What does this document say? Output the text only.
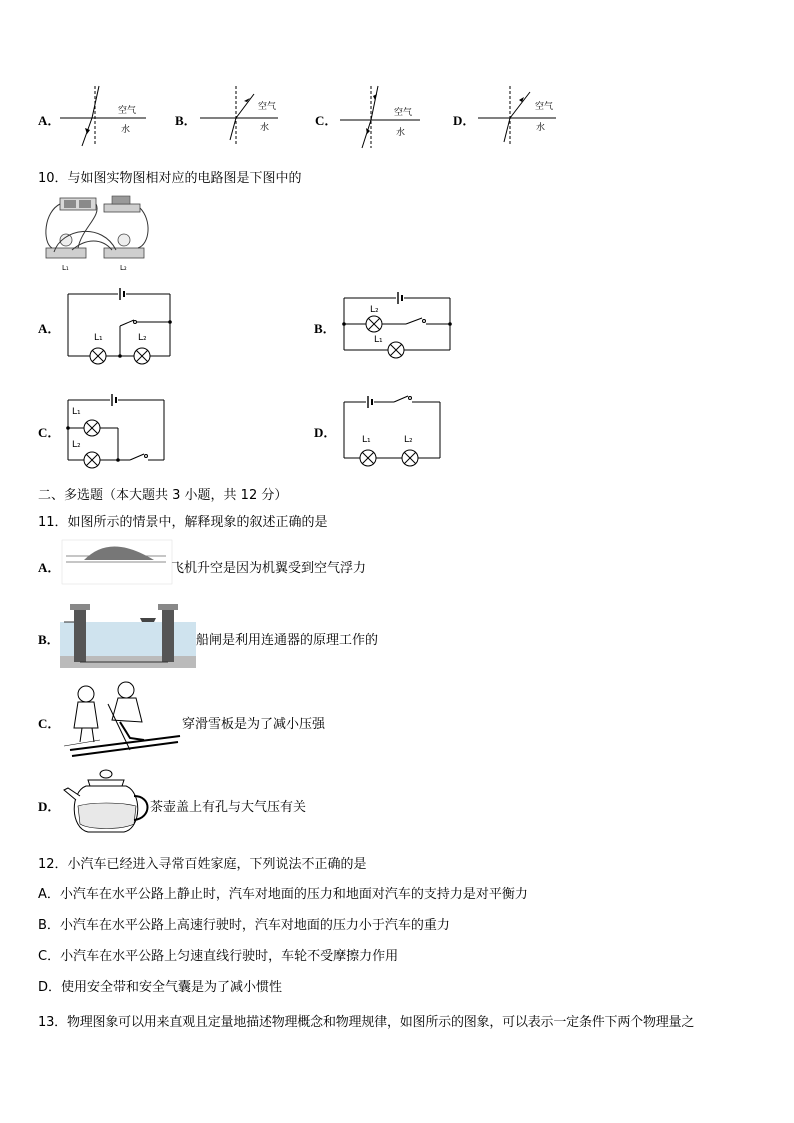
A．
空气
水
B．
空气
水	C．	空气
水
D．
空气
水
10．与如图实物图相对应的电路图是下图中的
L₁	L₂
A．
L₁	L₂
B．
L₂
L₁
C．
L₁
L₂
D．	L₁	L₂
二、多选题（本大题共 3 小题，共 12 分）
11．如图所示的情景中，解释现象的叙述正确的是
A．	飞机升空是因为机翼受到空气浮力
B．	船闸是利用连通器的原理工作的
C．	穿滑雪板是为了减小压强
D．	茶壶盖上有孔与大气压有关
12．小汽车已经进入寻常百姓家庭，下列说法不正确的是
A．小汽车在水平公路上静止时，汽车对地面的压力和地面对汽车的支持力是对平衡力
B．小汽车在水平公路上高速行驶时，汽车对地面的压力小于汽车的重力
C．小汽车在水平公路上匀速直线行驶时，车轮不受摩擦力作用
D．使用安全带和安全气囊是为了减小惯性
13．物理图象可以用来直观且定量地描述物理概念和物理规律，如图所示的图象，可以表示一定条件下两个物理量之
